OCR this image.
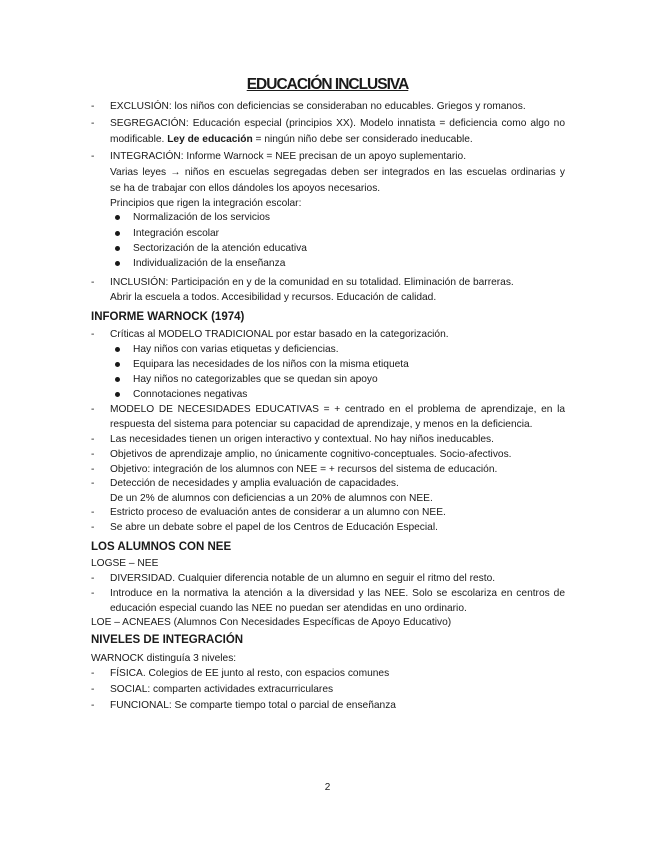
EDUCACIÓN INCLUSIVA

- EXCLUSIÓN: los niños con deficiencias se consideraban no educables. Griegos y romanos.

- SEGREGACIÓN: Educación especial (principios XX). Modelo innatista = deficiencia como algo no

modificable. Ley de educación = ningún niño debe ser considerado ineducable.

- INTEGRACIÓN: Informe Warnock = NEE precisan de un apoyo suplementario.

Varias leyes → niños en escuelas segregadas deben ser integrados en las escuelas ordinarias y

se ha de trabajar con ellos dándoles los apoyos necesarios.

Principios que rigen la integración escolar:

Normalización de los servicios

Integración escolar

Sectorización de la atención educativa

Individualización de la enseñanza

- INCLUSIÓN: Participación en y de la comunidad en su totalidad. Eliminación de barreras.

Abrir la escuela a todos. Accesibilidad y recursos. Educación de calidad.

INFORME WARNOCK (1974)

- Críticas al MODELO TRADICIONAL por estar basado en la categorización.

Hay niños con varias etiquetas y deficiencias.

Equipara las necesidades de los niños con la misma etiqueta

Hay niños no categorizables que se quedan sin apoyo

Connotaciones negativas

- MODELO DE NECESIDADES EDUCATIVAS = + centrado en el problema de aprendizaje, en la

respuesta del sistema para potenciar su capacidad de aprendizaje, y menos en la deficiencia.

- Las necesidades tienen un origen interactivo y contextual. No hay niños ineducables.

- Objetivos de aprendizaje amplio, no únicamente cognitivo-conceptuales. Socio-afectivos.

- Objetivo: integración de los alumnos con NEE = + recursos del sistema de educación.

- Detección de necesidades y amplia evaluación de capacidades.

De un 2% de alumnos con deficiencias a un 20% de alumnos con NEE.

- Estricto proceso de evaluación antes de considerar a un alumno con NEE.

- Se abre un debate sobre el papel de los Centros de Educación Especial.

LOS ALUMNOS CON NEE

LOGSE – NEE

- DIVERSIDAD. Cualquier diferencia notable de un alumno en seguir el ritmo del resto.

- Introduce en la normativa la atención a la diversidad y las NEE. Solo se escolariza en centros de

educación especial cuando las NEE no puedan ser atendidas en uno ordinario.

LOE – ACNEAES (Alumnos Con Necesidades Específicas de Apoyo Educativo)

NIVELES DE INTEGRACIÓN

WARNOCK distinguía 3 niveles:

- FÍSICA. Colegios de EE junto al resto, con espacios comunes

- SOCIAL: comparten actividades extracurriculares

- FUNCIONAL: Se comparte tiempo total o parcial de enseñanza

2
